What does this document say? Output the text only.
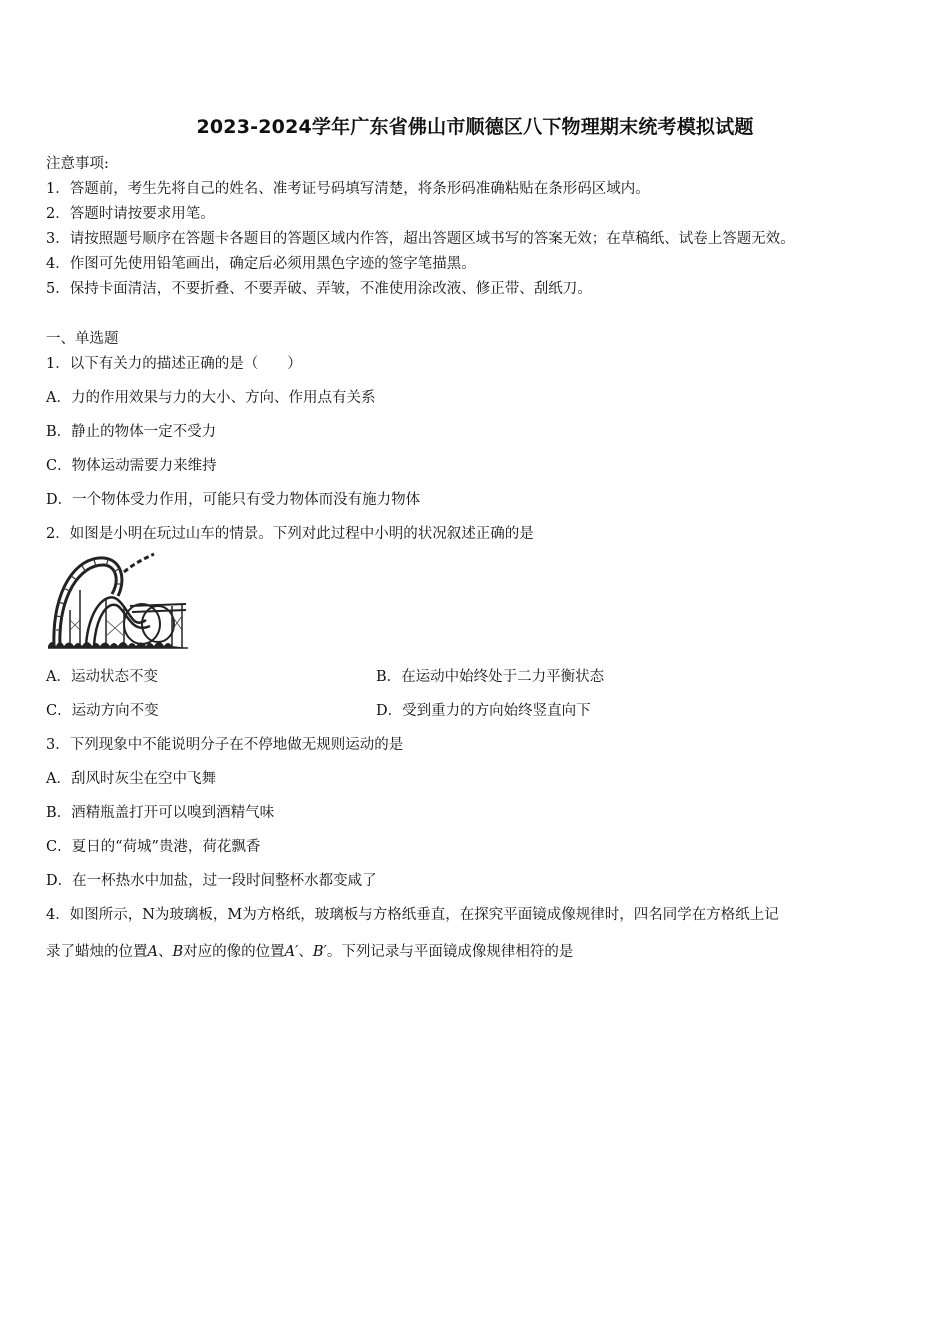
2023-2024学年广东省佛山市顺德区八下物理期末统考模拟试题
注意事项:
1．答题前，考生先将自己的姓名、准考证号码填写清楚，将条形码准确粘贴在条形码区域内。
2．答题时请按要求用笔。
3．请按照题号顺序在答题卡各题目的答题区域内作答，超出答题区域书写的答案无效；在草稿纸、试卷上答题无效。
4．作图可先使用铅笔画出，确定后必须用黑色字迹的签字笔描黑。
5．保持卡面清洁，不要折叠、不要弄破、弄皱，不准使用涂改液、修正带、刮纸刀。
一、单选题
1．以下有关力的描述正确的是（　　）
A．力的作用效果与力的大小、方向、作用点有关系
B．静止的物体一定不受力
C．物体运动需要力来维持
D．一个物体受力作用，可能只有受力物体而没有施力物体
2．如图是小明在玩过山车的情景。下列对此过程中小明的状况叙述正确的是
A．运动状态不变	B．在运动中始终处于二力平衡状态
C．运动方向不变	D．受到重力的方向始终竖直向下
3．下列现象中不能说明分子在不停地做无规则运动的是
A．刮风时灰尘在空中飞舞
B．酒精瓶盖打开可以嗅到酒精气味
C．夏日的“荷城”贵港，荷花飘香
D．在一杯热水中加盐，过一段时间整杯水都变咸了
4．如图所示，N为玻璃板，M为方格纸，玻璃板与方格纸垂直，在探究平面镜成像规律时，四名同学在方格纸上记
录了蜡烛的位置A、B对应的像的位置A′、B′。下列记录与平面镜成像规律相符的是
